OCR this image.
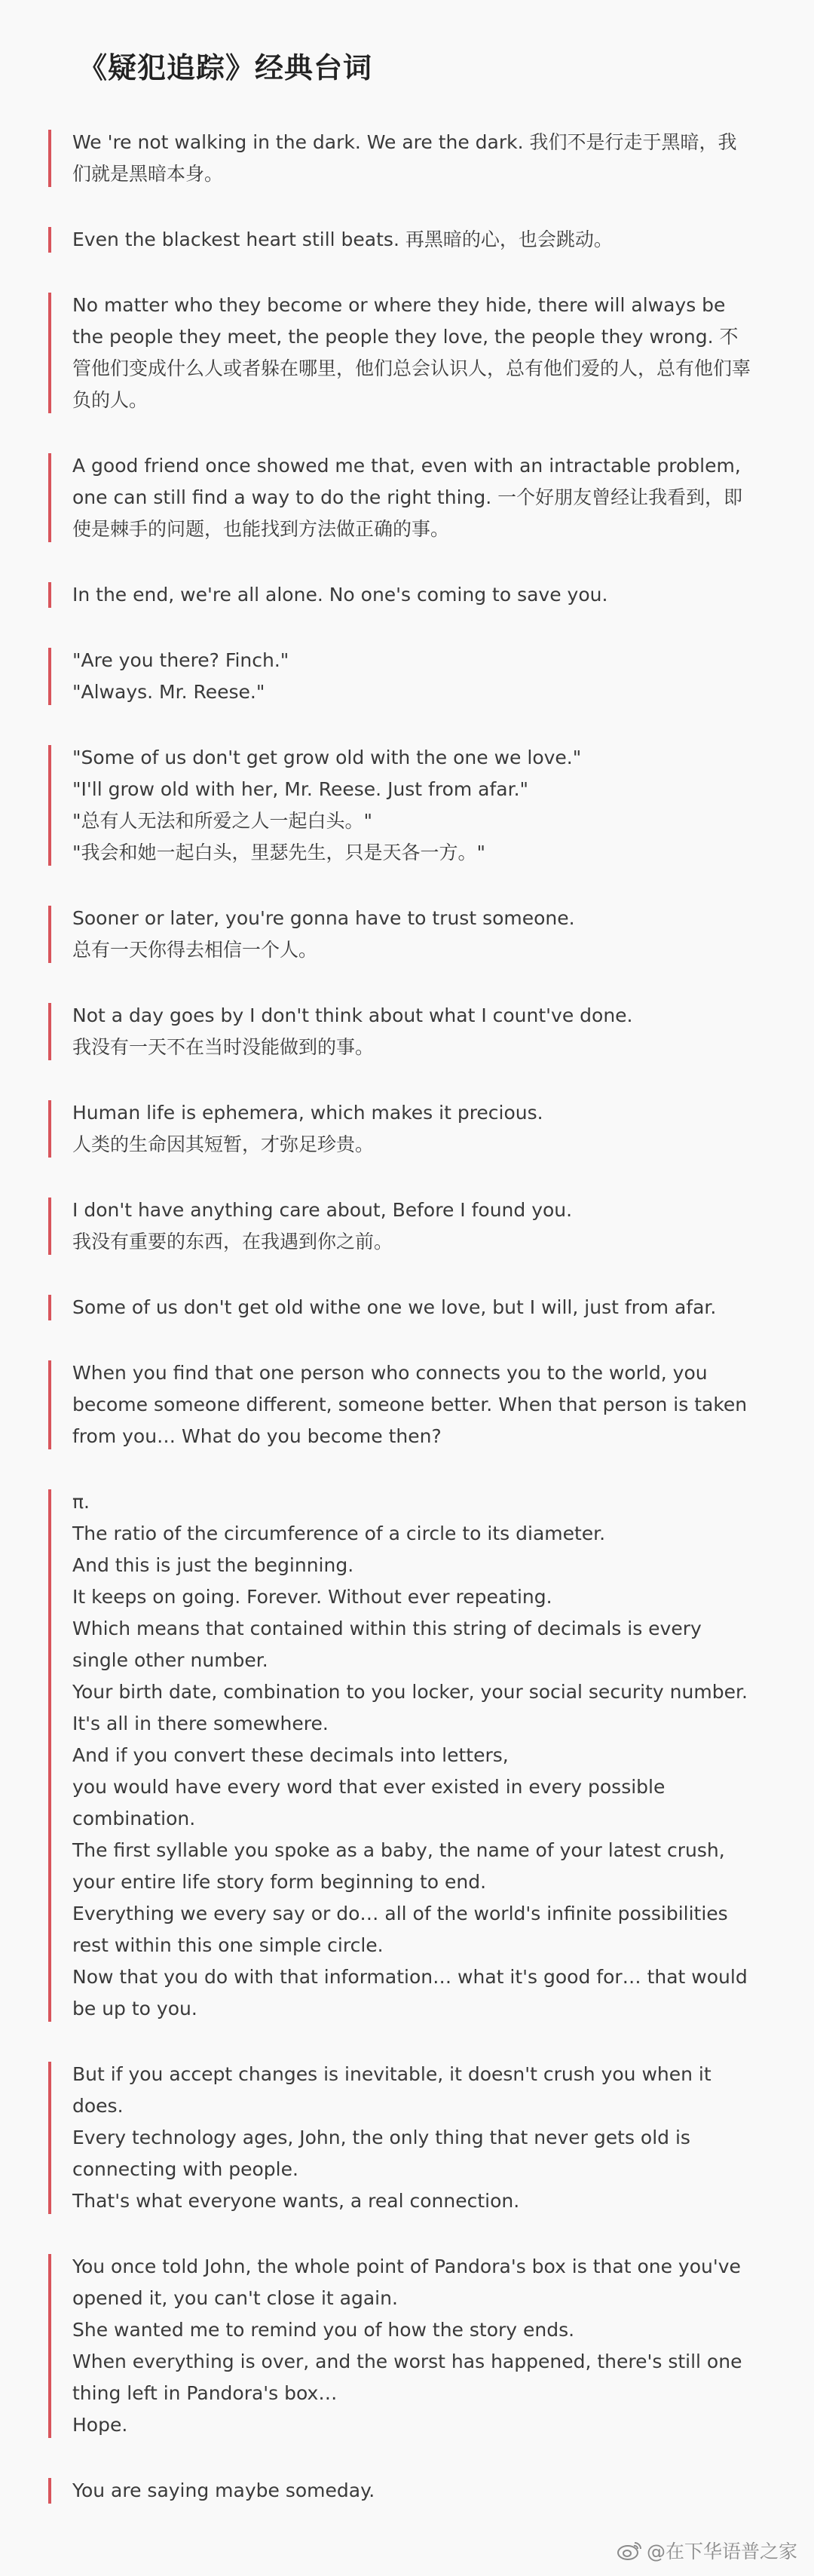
《疑犯追踪》经典台词
We 're not walking in the dark. We are the dark. 我们不是行走于黑暗，我们就是黑暗本身。
Even the blackest heart still beats. 再黑暗的心，也会跳动。
No matter who they become or where they hide, there will always be the people they meet, the people they love, the people they wrong. 不管他们变成什么人或者躲在哪里，他们总会认识人，总有他们爱的人，总有他们辜负的人。
A good friend once showed me that, even with an intractable problem, one can still find a way to do the right thing. 一个好朋友曾经让我看到，即使是棘手的问题，也能找到方法做正确的事。
In the end, we're all alone. No one's coming to save you.
"Are you there? Finch."
"Always. Mr. Reese."
"Some of us don't get grow old with the one we love."
"I'll grow old with her, Mr. Reese. Just from afar."
"总有人无法和所爱之人一起白头。"
"我会和她一起白头，里瑟先生，只是天各一方。"
Sooner or later, you're gonna have to trust someone.
总有一天你得去相信一个人。
Not a day goes by I don't think about what I count've done.
我没有一天不在当时没能做到的事。
Human life is ephemera, which makes it precious.
人类的生命因其短暂，才弥足珍贵。
I don't have anything care about, Before I found you.
我没有重要的东西，在我遇到你之前。
Some of us don't get old withe one we love, but I will, just from afar.
When you find that one person who connects you to the world, you become someone different, someone better. When that person is taken from you… What do you become then?
π.
The ratio of the circumference of a circle to its diameter.
And this is just the beginning.
It keeps on going. Forever. Without ever repeating.
Which means that contained within this string of decimals is every single other number.
Your birth date, combination to you locker, your social security number.
It's all in there somewhere.
And if you convert these decimals into letters,
you would have every word that ever existed in every possible combination.
The first syllable you spoke as a baby, the name of your latest crush,
your entire life story form beginning to end.
Everything we every say or do… all of the world's infinite possibilities rest within this one simple circle.
Now that you do with that information… what it's good for… that would be up to you.
But if you accept changes is inevitable, it doesn't crush you when it does.
Every technology ages, John, the only thing that never gets old is connecting with people.
That's what everyone wants, a real connection.
You once told John, the whole point of Pandora's box is that one you've opened it, you can't close it again.
She wanted me to remind you of how the story ends.
When everything is over, and the worst has happened, there's still one thing left in Pandora's box…
Hope.
You are saying maybe someday.
@在下华语普之家
